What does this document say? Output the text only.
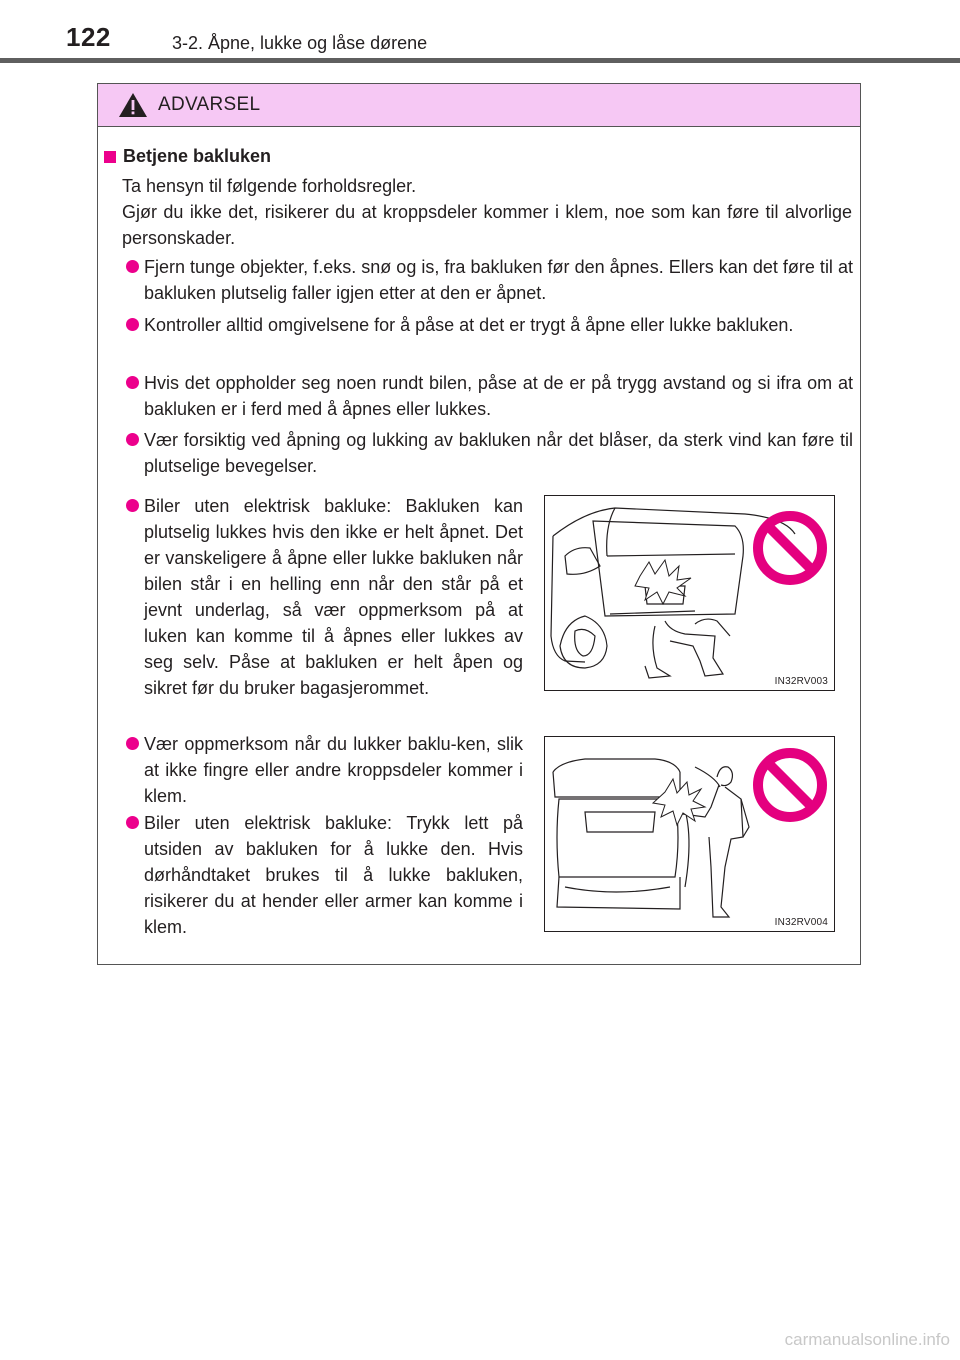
122	3-2. Åpne, lukke og låse dørene
ADVARSEL
Betjene bakluken
Ta hensyn til følgende forholdsregler.
Gjør du ikke det, risikerer du at kroppsdeler kommer i klem, noe som kan føre til alvorlige personskader.
Fjern tunge objekter, f.eks. snø og is, fra bakluken før den åpnes. Ellers kan det føre til at bakluken plutselig faller igjen etter at den er åpnet.
Kontroller alltid omgivelsene for å påse at det er trygt å åpne eller lukke bakluken.
Hvis det oppholder seg noen rundt bilen, påse at de er på trygg avstand og si ifra om at bakluken er i ferd med å åpnes eller lukkes.
Vær forsiktig ved åpning og lukking av bakluken når det blåser, da sterk vind kan føre til plutselige bevegelser.
Biler uten elektrisk bakluke: Bakluken kan plutselig lukkes hvis den ikke er helt åpnet. Det er vanskeligere å åpne eller lukke bakluken når bilen står i en helling enn når den står på et jevnt underlag, så vær oppmerksom på at luken kan komme til å åpnes eller lukkes av seg selv. Påse at bakluken er helt åpen og sikret før du bruker bagasjerommet.
Vær oppmerksom når du lukker baklu-ken, slik at ikke fingre eller andre kroppsdeler kommer i klem.
Biler uten elektrisk bakluke: Trykk lett på utsiden av bakluken for å lukke den. Hvis dørhåndtaket brukes til å lukke bakluken, risikerer du at hender eller armer kan komme i klem.
IN32RV003
IN32RV004
carmanualsonline.info
